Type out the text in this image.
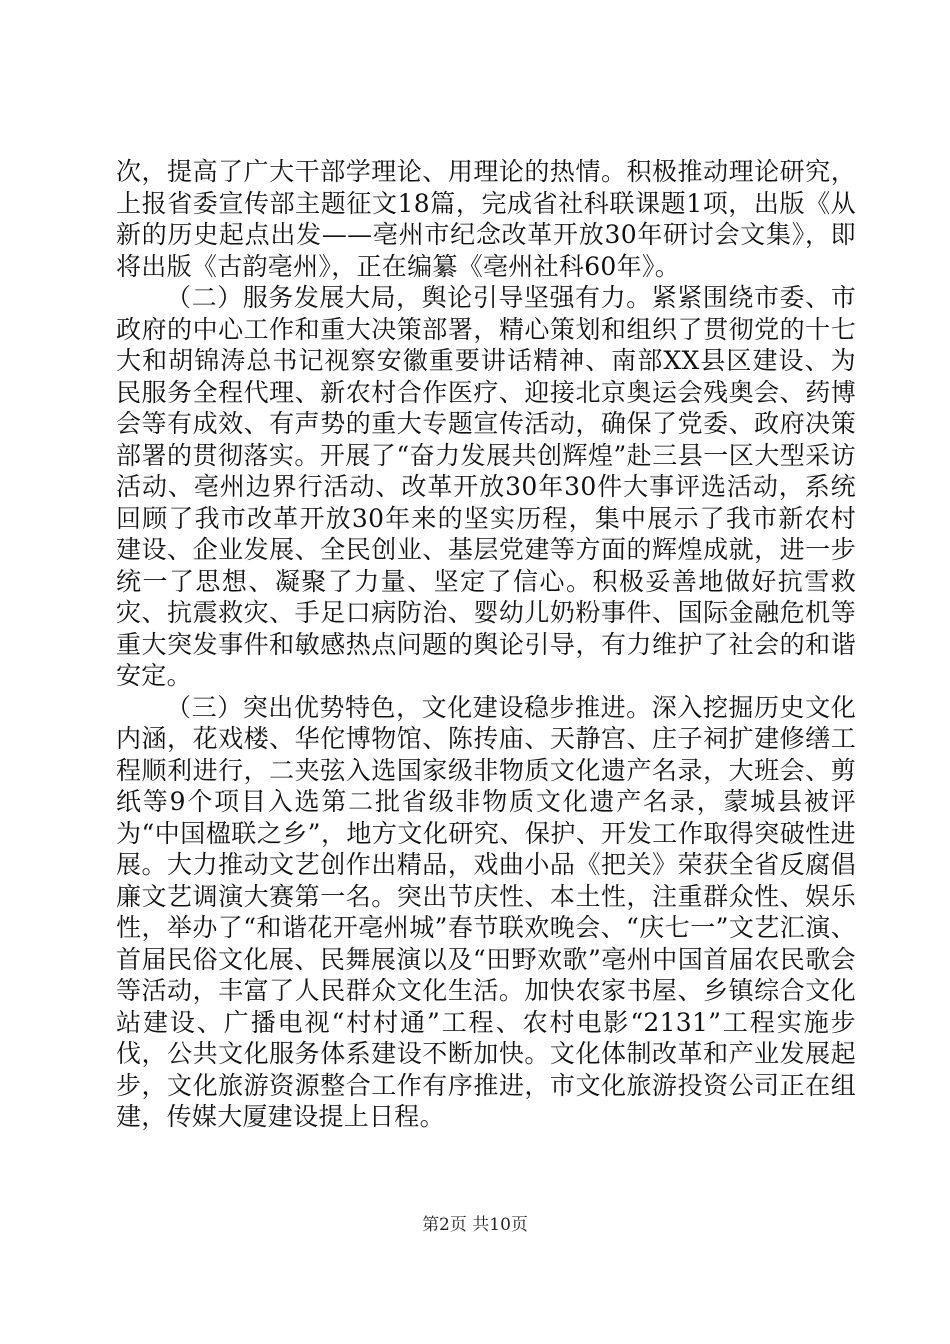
次，提高了广大干部学理论、用理论的热情。积极推动理论研究，上报省委宣传部主题征文18篇，完成省社科联课题1项，出版《从新的历史起点出发——亳州市纪念改革开放30年研讨会文集》，即将出版《古韵亳州》，正在编纂《亳州社科60年》。

（二）服务发展大局，舆论引导坚强有力。紧紧围绕市委、市政府的中心工作和重大决策部署，精心策划和组织了贯彻党的十七大和胡锦涛总书记视察安徽重要讲话精神、南部XX县区建设、为民服务全程代理、新农村合作医疗、迎接北京奥运会残奥会、药博会等有成效、有声势的重大专题宣传活动，确保了党委、政府决策部署的贯彻落实。开展了“奋力发展共创辉煌”赴三县一区大型采访活动、亳州边界行活动、改革开放30年30件大事评选活动，系统回顾了我市改革开放30年来的坚实历程，集中展示了我市新农村建设、企业发展、全民创业、基层党建等方面的辉煌成就，进一步统一了思想、凝聚了力量、坚定了信心。积极妥善地做好抗雪救灾、抗震救灾、手足口病防治、婴幼儿奶粉事件、国际金融危机等重大突发事件和敏感热点问题的舆论引导，有力维护了社会的和谐安定。

（三）突出优势特色，文化建设稳步推进。深入挖掘历史文化内涵，花戏楼、华佗博物馆、陈抟庙、天静宫、庄子祠扩建修缮工程顺利进行，二夹弦入选国家级非物质文化遗产名录，大班会、剪纸等9个项目入选第二批省级非物质文化遗产名录，蒙城县被评为“中国楹联之乡”，地方文化研究、保护、开发工作取得突破性进展。大力推动文艺创作出精品，戏曲小品《把关》荣获全省反腐倡廉文艺调演大赛第一名。突出节庆性、本土性，注重群众性、娱乐性，举办了“和谐花开亳州城”春节联欢晚会、“庆七一”文艺汇演、首届民俗文化展、民舞展演以及“田野欢歌”亳州中国首届农民歌会等活动，丰富了人民群众文化生活。加快农家书屋、乡镇综合文化站建设、广播电视“村村通”工程、农村电影“2131”工程实施步伐，公共文化服务体系建设不断加快。文化体制改革和产业发展起步，文化旅游资源整合工作有序推进，市文化旅游投资公司正在组建，传媒大厦建设提上日程。

第2页 共10页
